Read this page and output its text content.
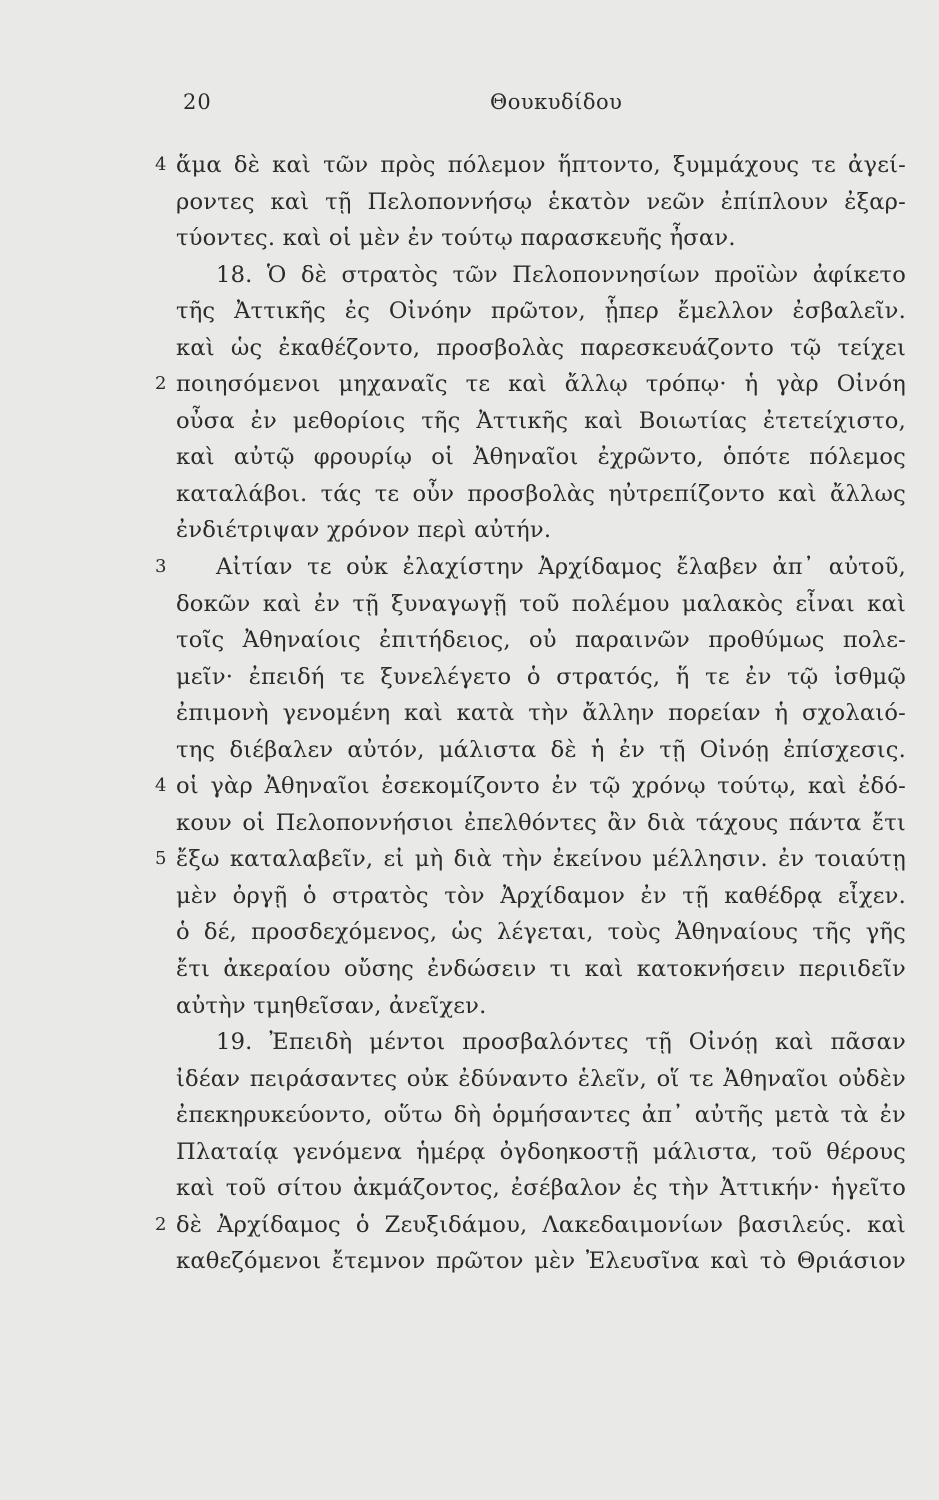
20	Θουκυδίδου
4 ἅμα δὲ καὶ τῶν πρὸς πόλεμον ἥπτοντο, ξυμμάχους τε ἀγεί-
ροντες καὶ τῇ Πελοποννήσῳ ἑκατὸν νεῶν ἐπίπλουν ἐξαρ-
τύοντες. καὶ οἱ μὲν ἐν τούτῳ παρασκευῆς ἦσαν.
18. Ὁ δὲ στρατὸς τῶν Πελοποννησίων προϊὼν ἀφίκετο
τῆς Ἀττικῆς ἐς Οἰνόην πρῶτον, ᾗπερ ἔμελλον ἐσβαλεῖν.
καὶ ὡς ἐκαθέζοντο, προσβολὰς παρεσκευάζοντο τῷ τείχει
2 ποιησόμενοι μηχαναῖς τε καὶ ἄλλῳ τρόπῳ· ἡ γὰρ Οἰνόη
οὖσα ἐν μεθορίοις τῆς Ἀττικῆς καὶ Βοιωτίας ἐτετείχιστο,
καὶ αὐτῷ φρουρίῳ οἱ Ἀθηναῖοι ἐχρῶντο, ὁπότε πόλεμος
καταλάβοι. τάς τε οὖν προσβολὰς ηὐτρεπίζοντο καὶ ἄλλως
ἐνδιέτριψαν χρόνον περὶ αὐτήν.
3 Αἰτίαν τε οὐκ ἐλαχίστην Ἀρχίδαμος ἔλαβεν ἀπ᾽ αὐτοῦ,
δοκῶν καὶ ἐν τῇ ξυναγωγῇ τοῦ πολέμου μαλακὸς εἶναι καὶ
τοῖς Ἀθηναίοις ἐπιτήδειος, οὐ παραινῶν προθύμως πολε-
μεῖν· ἐπειδή τε ξυνελέγετο ὁ στρατός, ἥ τε ἐν τῷ ἰσθμῷ
ἐπιμονὴ γενομένη καὶ κατὰ τὴν ἄλλην πορείαν ἡ σχολαιό-
της διέβαλεν αὐτόν, μάλιστα δὲ ἡ ἐν τῇ Οἰνόῃ ἐπίσχεσις.
4 οἱ γὰρ Ἀθηναῖοι ἐσεκομίζοντο ἐν τῷ χρόνῳ τούτῳ, καὶ ἐδό-
κουν οἱ Πελοποννήσιοι ἐπελθόντες ἂν διὰ τάχους πάντα ἔτι
5 ἔξω καταλαβεῖν, εἰ μὴ διὰ τὴν ἐκείνου μέλλησιν. ἐν τοιαύτῃ
μὲν ὀργῇ ὁ στρατὸς τὸν Ἀρχίδαμον ἐν τῇ καθέδρᾳ εἶχεν.
ὁ δέ, προσδεχόμενος, ὡς λέγεται, τοὺς Ἀθηναίους τῆς γῆς
ἔτι ἀκεραίου οὔσης ἐνδώσειν τι καὶ κατοκνήσειν περιιδεῖν
αὐτὴν τμηθεῖσαν, ἀνεῖχεν.
19. Ἐπειδὴ μέντοι προσβαλόντες τῇ Οἰνόῃ καὶ πᾶσαν
ἰδέαν πειράσαντες οὐκ ἐδύναντο ἑλεῖν, οἵ τε Ἀθηναῖοι οὐδὲν
ἐπεκηρυκεύοντο, οὕτω δὴ ὁρμήσαντες ἀπ᾽ αὐτῆς μετὰ τὰ ἐν
Πλαταίᾳ γενόμενα ἡμέρᾳ ὀγδοηκοστῇ μάλιστα, τοῦ θέρους
καὶ τοῦ σίτου ἀκμάζοντος, ἐσέβαλον ἐς τὴν Ἀττικήν· ἡγεῖτο
2 δὲ Ἀρχίδαμος ὁ Ζευξιδάμου, Λακεδαιμονίων βασιλεύς. καὶ
καθεζόμενοι ἔτεμνον πρῶτον μὲν Ἐλευσῖνα καὶ τὸ Θριάσιον
